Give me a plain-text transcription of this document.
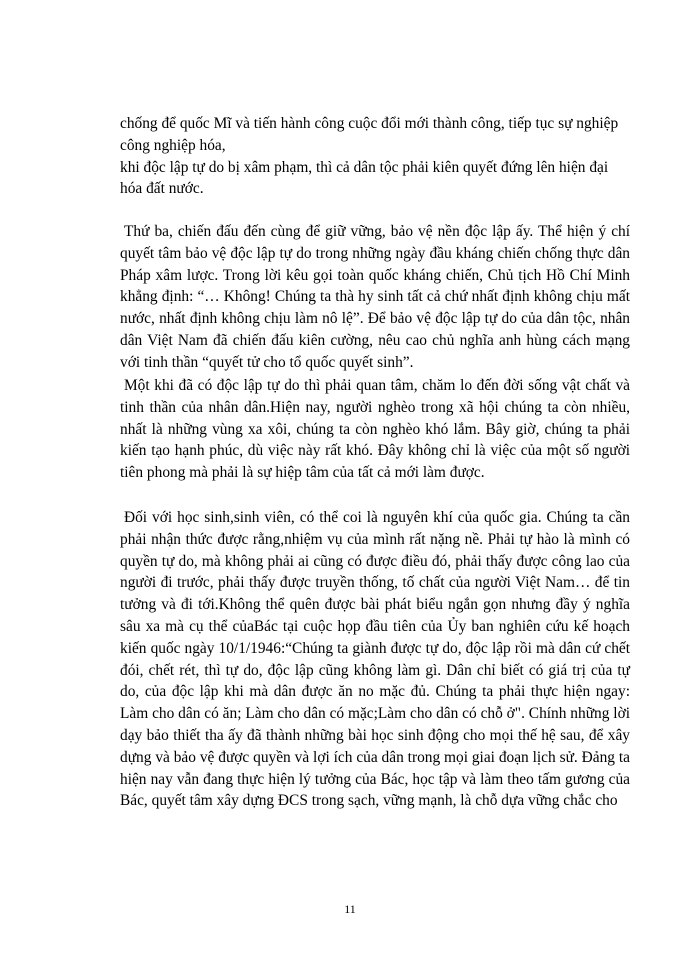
chống để quốc Mĩ và tiến hành công cuộc đổi mới thành công, tiếp tục sự nghiệp công nghiệp hóa,

khi độc lập tự do bị xâm phạm, thì cả dân tộc phải kiên quyết đứng lên hiện đại hóa đất nước.

Thứ ba, chiến đấu đến cùng để giữ vững, bảo vệ nền độc lập ấy. Thể hiện ý chí quyết tâm bảo vệ độc lập tự do trong những ngày đầu kháng chiến chống thực dân Pháp xâm lược. Trong lời kêu gọi toàn quốc kháng chiến, Chủ tịch Hồ Chí Minh khẳng định: “… Không! Chúng ta thà hy sinh tất cả chứ nhất định không chịu mất nước, nhất định không chịu làm nô lệ”. Để bảo vệ độc lập tự do của dân tộc, nhân dân Việt Nam đã chiến đấu kiên cường, nêu cao chủ nghĩa anh hùng cách mạng với tinh thần “quyết tử cho tổ quốc quyết sinh”.

Một khi đã có độc lập tự do thì phải quan tâm, chăm lo đến đời sống vật chất và tinh thần của nhân dân.Hiện nay, người nghèo trong xã hội chúng ta còn nhiều, nhất là những vùng xa xôi, chúng ta còn nghèo khó lắm. Bây giờ, chúng ta phải kiến tạo hạnh phúc, dù việc này rất khó. Đây không chỉ là việc của một số người tiên phong mà phải là sự hiệp tâm của tất cả mới làm được.

Đối với học sinh,sinh viên, có thể coi là nguyên khí của quốc gia. Chúng ta cần phải nhận thức được rằng,nhiệm vụ của mình rất nặng nề. Phải tự hào là mình có quyền tự do, mà không phải ai cũng có được điều đó, phải thấy được công lao của người đi trước, phải thấy được truyền thống, tố chất của người Việt Nam… để tin tưởng và đi tới.Không thể quên được bài phát biểu ngắn gọn nhưng đầy ý nghĩa sâu xa mà cụ thể củaBác tại cuộc họp đầu tiên của Ủy ban nghiên cứu kế hoạch kiến quốc ngày 10/1/1946:“Chúng ta giành được tự do, độc lập rồi mà dân cứ chết đói, chết rét, thì tự do, độc lập cũng không làm gì. Dân chỉ biết có giá trị của tự do, của độc lập khi mà dân được ăn no mặc đủ. Chúng ta phải thực hiện ngay: Làm cho dân có ăn; Làm cho dân có mặc;Làm cho dân có chỗ ở". Chính những lời dạy bảo thiết tha ấy đã thành những bài học sinh động cho mọi thế hệ sau, để xây dựng và bảo vệ được quyền và lợi ích của dân trong mọi giai đoạn lịch sử. Đảng ta hiện nay vẫn đang thực hiện lý tưởng của Bác, học tập và làm theo tấm gương của Bác, quyết tâm xây dựng ĐCS trong sạch, vững mạnh, là chỗ dựa vững chắc cho

11
